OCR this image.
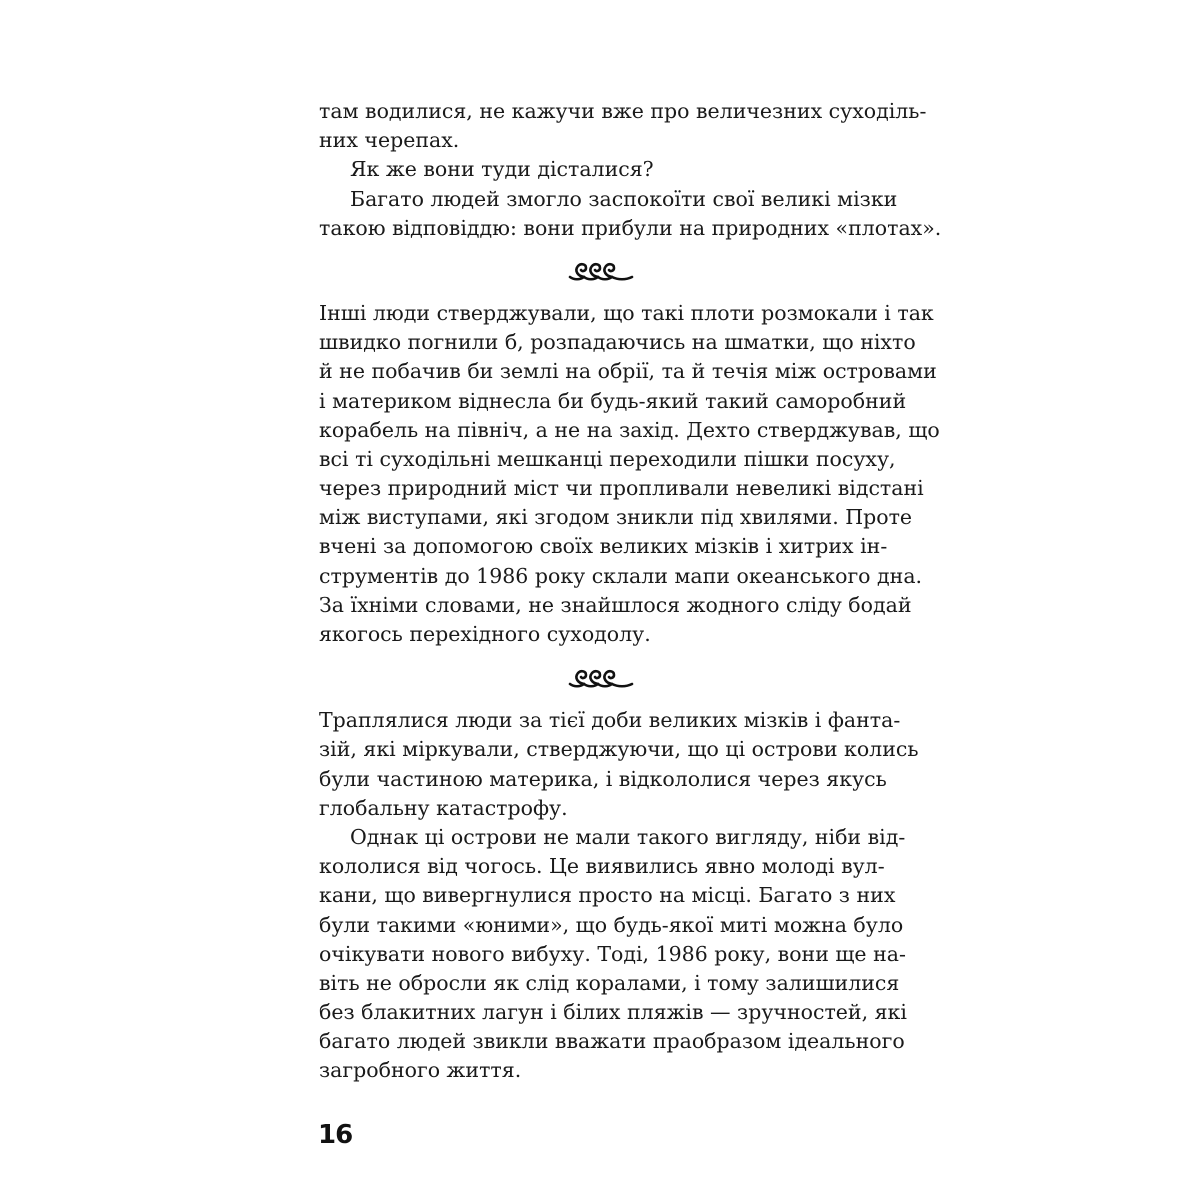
там водилися, не кажучи вже про величезних суходіль-
них черепах.
Як же вони туди дісталися?
Багато людей змогло заспокоїти свої великі мізки
такою відповіддю: вони прибули на природних «плотах».
Інші люди стверджували, що такі плоти розмокали і так
швидко погнили б, розпадаючись на шматки, що ніхто
й не побачив би землі на обрії, та й течія між островами
і материком віднесла би будь-який такий саморобний
корабель на північ, а не на захід. Дехто стверджував, що
всі ті суходільні мешканці переходили пішки посуху,
через природний міст чи пропливали невеликі відстані
між виступами, які згодом зникли під хвилями. Проте
вчені за допомогою своїх великих мізків і хитрих ін-
струментів до 1986 року склали мапи океанського дна.
За їхніми словами, не знайшлося жодного сліду бодай
якогось перехідного суходолу.
Траплялися люди за тієї доби великих мізків і фанта-
зій, які міркували, стверджуючи, що ці острови колись
були частиною материка, і відкололися через якусь
глобальну катастрофу.
Однак ці острови не мали такого вигляду, ніби від-
кололися від чогось. Це виявились явно молоді вул-
кани, що вивергнулися просто на місці. Багато з них
були такими «юними», що будь-якої миті можна було
очікувати нового вибуху. Тоді, 1986 року, вони ще на-
віть не обросли як слід коралами, і тому залишилися
без блакитних лагун і білих пляжів — зручностей, які
багато людей звикли вважати праобразом ідеального
загробного життя.
16
